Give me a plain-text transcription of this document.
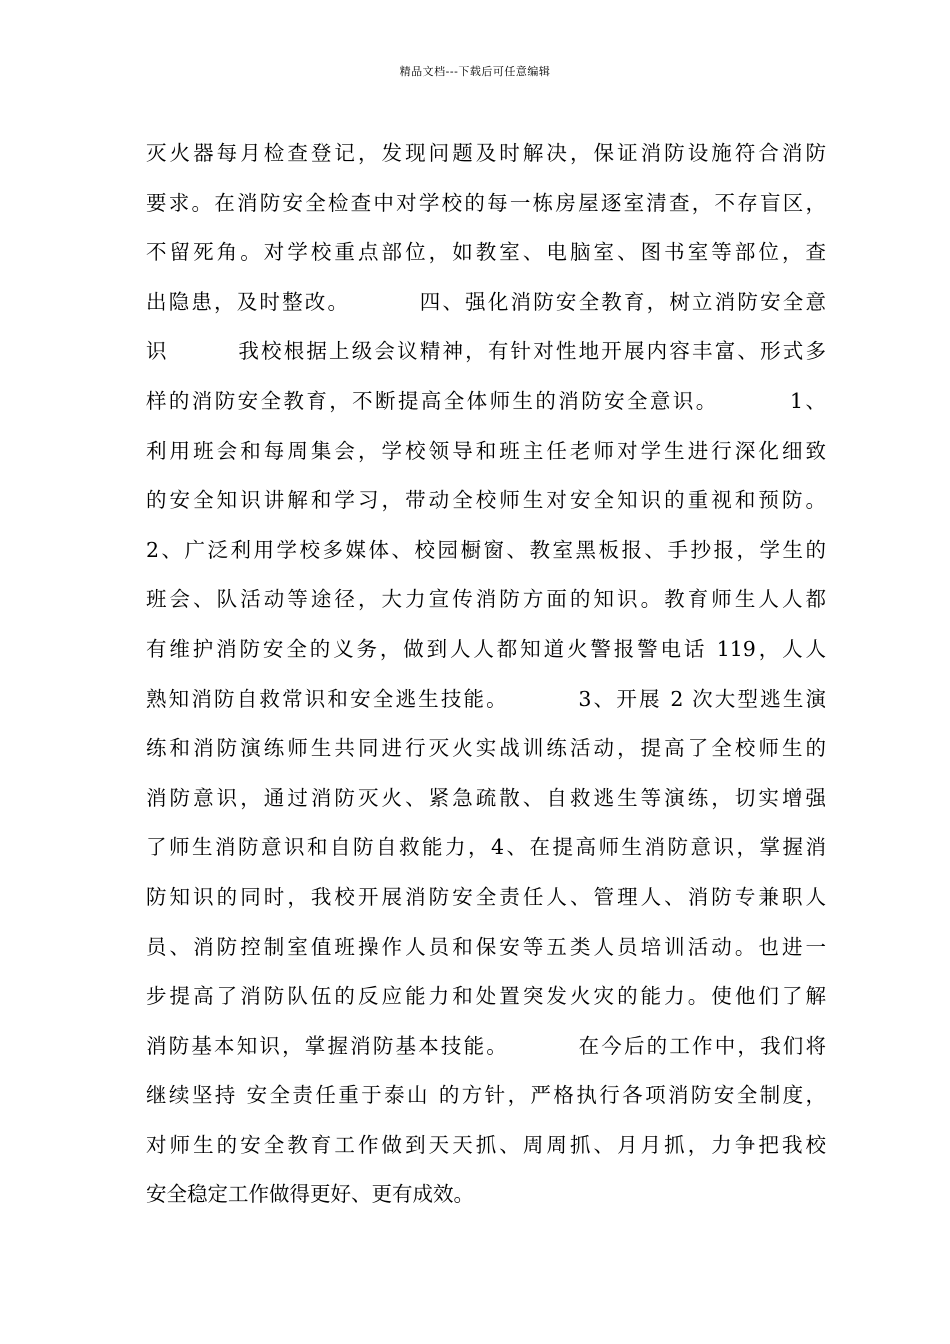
精品文档---下载后可任意编辑
灭火器每月检查登记，发现问题及时解决，保证消防设施符合消防
要求。在消防安全检查中对学校的每一栋房屋逐室清查，不存盲区，
不留死角。对学校重点部位，如教室、电脑室、图书室等部位，查
出隐患，及时整改。        四、强化消防安全教育，树立消防安全意
识        我校根据上级会议精神，有针对性地开展内容丰富、形式多
样的消防安全教育，不断提高全体师生的消防安全意识。        1、
利用班会和每周集会，学校领导和班主任老师对学生进行深化细致
的安全知识讲解和学习，带动全校师生对安全知识的重视和预防。
2、广泛利用学校多媒体、校园橱窗、教室黑板报、手抄报，学生的
班会、队活动等途径，大力宣传消防方面的知识。教育师生人人都
有维护消防安全的义务，做到人人都知道火警报警电话 119，人人
熟知消防自救常识和安全逃生技能。        3、开展 2 次大型逃生演
练和消防演练师生共同进行灭火实战训练活动，提高了全校师生的
消防意识，通过消防灭火、紧急疏散、自救逃生等演练，切实增强
了师生消防意识和自防自救能力，4、在提高师生消防意识，掌握消
防知识的同时，我校开展消防安全责任人、管理人、消防专兼职人
员、消防控制室值班操作人员和保安等五类人员培训活动。也进一
步提高了消防队伍的反应能力和处置突发火灾的能力。使他们了解
消防基本知识，掌握消防基本技能。        在今后的工作中，我们将
继续坚持 安全责任重于泰山 的方针，严格执行各项消防安全制度，
对师生的安全教育工作做到天天抓、周周抓、月月抓，力争把我校
安全稳定工作做得更好、更有成效。
